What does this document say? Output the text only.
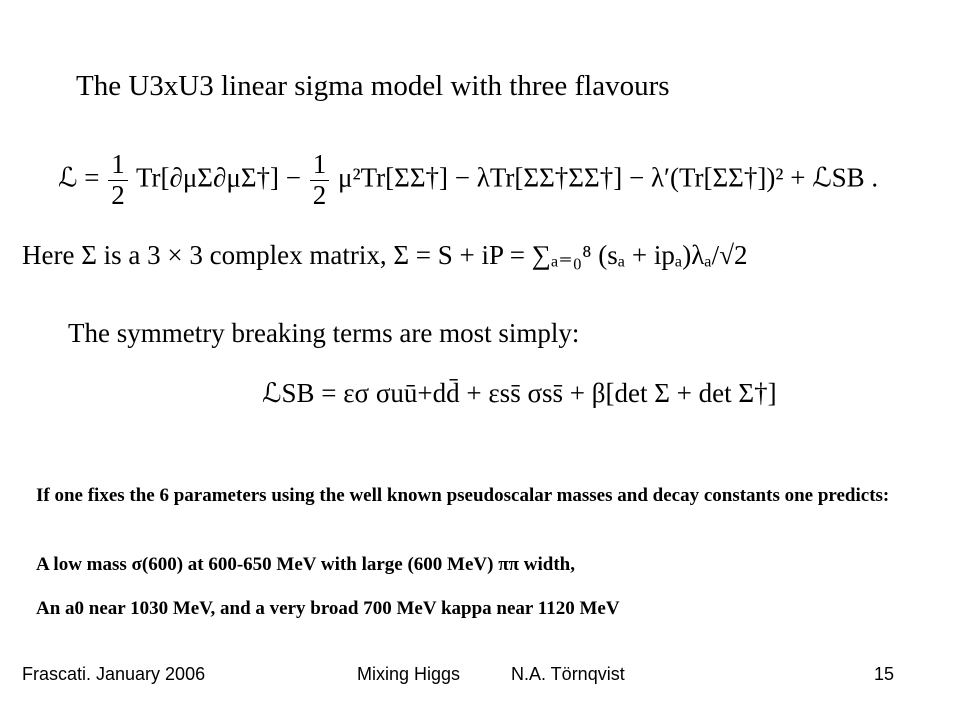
The U3xU3 linear sigma model with three flavours
ℒ = $\frac{1}{2}$ Tr[∂μΣ∂μΣ†] − $\frac{1}{2}$ μ²Tr[ΣΣ†] − λTr[ΣΣ†ΣΣ†] − λ′(Tr[ΣΣ†])² + ℒSB .
Here Σ is a 3 × 3 complex matrix, Σ = S + iP = ∑ₐ₌₀⁸ (sₐ + ipₐ)λₐ/√2
The symmetry breaking terms are most simply:
ℒSB = εσ σuū+dd̄ + εss̄ σss̄ + β[det Σ + det Σ†]
If one fixes the 6 parameters using the well known pseudoscalar masses and decay constants one predicts:
A low mass σ(600) at 600-650 MeV with large (600 MeV) ππ width,
An a0 near 1030 MeV, and a very broad 700 MeV kappa near 1120 MeV
Frascati. January 2006	Mixing Higgs	N.A. Törnqvist	15
